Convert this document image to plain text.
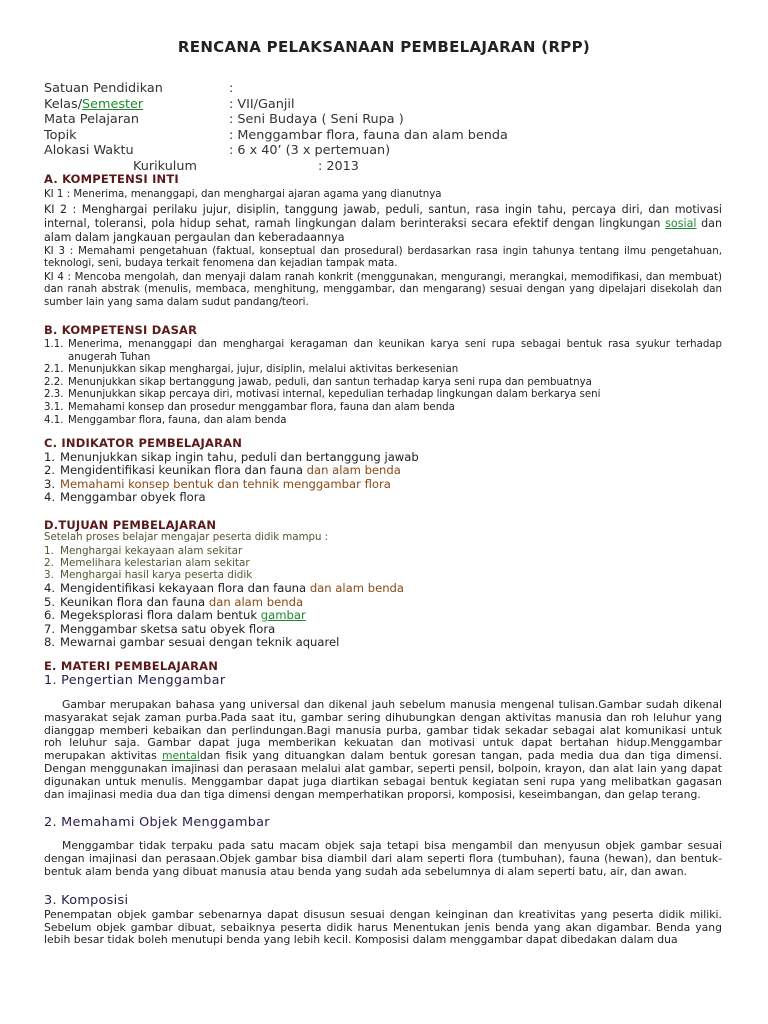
RENCANA PELAKSANAAN PEMBELAJARAN (RPP)
Satuan Pendidikan	:
Kelas/Semester	: VII/Ganjil
Mata Pelajaran	: Seni Budaya ( Seni Rupa )
Topik	: Menggambar flora, fauna dan alam benda
Alokasi Waktu	: 6 x 40’ (3 x pertemuan)
Kurikulum	: 2013
A. KOMPETENSI INTI
KI 1 : Menerima, menanggapi, dan menghargai ajaran agama yang dianutnya
KI 2 : Menghargai perilaku jujur, disiplin, tanggung jawab, peduli, santun, rasa ingin tahu, percaya diri, dan motivasi internal, toleransi, pola hidup sehat, ramah lingkungan dalam berinteraksi secara efektif dengan lingkungan sosial dan alam dalam jangkauan pergaulan dan keberadaannya
KI 3 : Memahami pengetahuan (faktual, konseptual dan prosedural) berdasarkan rasa ingin tahunya tentang ilmu pengetahuan, teknologi, seni, budaya terkait fenomena dan kejadian tampak mata.
KI 4 : Mencoba mengolah, dan menyaji dalam ranah konkrit (menggunakan, mengurangi, merangkai, memodifikasi, dan membuat) dan ranah abstrak (menulis, membaca, menghitung, menggambar, dan mengarang) sesuai dengan yang dipelajari disekolah dan sumber lain yang sama dalam sudut pandang/teori.
B. KOMPETENSI DASAR
1.1. Menerima, menanggapi dan menghargai keragaman dan keunikan karya seni rupa sebagai bentuk rasa syukur terhadap anugerah Tuhan
2.1. Menunjukkan sikap menghargai, jujur, disiplin, melalui aktivitas berkesenian
2.2. Menunjukkan sikap bertanggung jawab, peduli, dan santun terhadap karya seni rupa dan pembuatnya
2.3. Menunjukkan sikap percaya diri, motivasi internal, kepedulian terhadap lingkungan dalam berkarya seni
3.1. Memahami konsep dan prosedur menggambar flora, fauna dan alam benda
4.1. Menggambar flora, fauna, dan alam benda
C. INDIKATOR PEMBELAJARAN
1. Menunjukkan sikap ingin tahu, peduli dan bertanggung jawab
2. Mengidentifikasi keunikan flora dan fauna dan alam benda
3. Memahami konsep bentuk dan tehnik menggambar flora
4. Menggambar obyek flora
D.TUJUAN PEMBELAJARAN
Setelah proses belajar mengajar peserta didik mampu :
1. Menghargai kekayaan alam sekitar
2. Memelihara kelestarian alam sekitar
3. Menghargai hasil karya peserta didik
4. Mengidentifikasi kekayaan flora dan fauna dan alam benda
5. Keunikan flora dan fauna dan alam benda
6. Megeksplorasi flora dalam bentuk gambar
7. Menggambar sketsa satu obyek flora
8. Mewarnai gambar sesuai dengan teknik aquarel
E. MATERI PEMBELAJARAN
1. Pengertian Menggambar
Gambar merupakan bahasa yang universal dan dikenal jauh sebelum manusia mengenal tulisan.Gambar sudah dikenal masyarakat sejak zaman purba.Pada saat itu, gambar sering dihubungkan dengan aktivitas manusia dan roh leluhur yang dianggap memberi kebaikan dan perlindungan.Bagi manusia purba, gambar tidak sekadar sebagai alat komunikasi untuk roh leluhur saja. Gambar dapat juga memberikan kekuatan dan motivasi untuk dapat bertahan hidup.Menggambar merupakan aktivitas mentaldan fisik yang dituangkan dalam bentuk goresan tangan, pada media dua dan tiga dimensi. Dengan menggunakan imajinasi dan perasaan melalui alat gambar, seperti pensil, bolpoin, krayon, dan alat lain yang dapat digunakan untuk menulis. Menggambar dapat juga diartikan sebagai bentuk kegiatan seni rupa yang melibatkan gagasan dan imajinasi media dua dan tiga dimensi dengan memperhatikan proporsi, komposisi, keseimbangan, dan gelap terang.
2. Memahami Objek Menggambar
Menggambar tidak terpaku pada satu macam objek saja tetapi bisa mengambil dan menyusun objek gambar sesuai dengan imajinasi dan perasaan.Objek gambar bisa diambil dari alam seperti flora (tumbuhan), fauna (hewan), dan bentuk-bentuk alam benda yang dibuat manusia atau benda yang sudah ada sebelumnya di alam seperti batu, air, dan awan.
3. Komposisi
Penempatan objek gambar sebenarnya dapat disusun sesuai dengan keinginan dan kreativitas yang peserta didik miliki. Sebelum objek gambar dibuat, sebaiknya peserta didik harus Menentukan jenis benda yang akan digambar. Benda yang lebih besar tidak boleh menutupi benda yang lebih kecil. Komposisi dalam menggambar dapat dibedakan dalam dua
